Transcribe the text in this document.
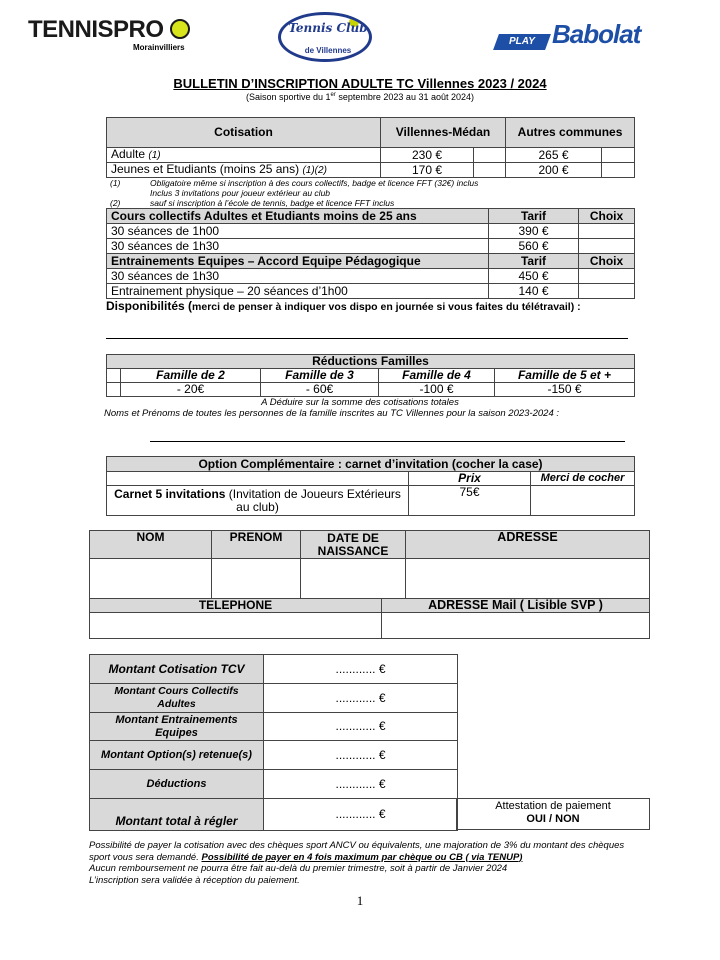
TENNISPRO
Morainvilliers
Tennis Club
de Villennes
PLAY Babolat
BULLETIN D’INSCRIPTION ADULTE TC Villennes 2023 / 2024
(Saison sportive du 1er septembre 2023 au 31 août 2024)
Cotisation	Villennes-Médan		Autres communes	
Adulte (1)	230 €		265 €	
Jeunes et Etudiants (moins 25 ans) (1)(2)	170 €		200 €	
(1)	Obligatoire même si inscription à des cours collectifs, badge et licence FFT (32€) inclus
Inclus 3 invitations pour joueur extérieur au club
(2)	sauf si inscription à l’école de tennis, badge et licence FFT inclus
Cours collectifs Adultes et Etudiants moins de 25 ans	Tarif	Choix
30 séances de 1h00	390 €	
30 séances de 1h30	560 €	
Entrainements Equipes – Accord Equipe Pédagogique	Tarif	Choix
30 séances de 1h30	450 €	
Entrainement physique – 20 séances d’1h00	140 €	
Disponibilités (merci de penser à indiquer vos dispo en journée si vous faites du télétravail) :
Réductions Familles				
	Famille de 2	Famille de 3	Famille de 4	Famille de 5 et +
	- 20€	- 60€	-100 €	-150 €
A Déduire sur la somme des cotisations totales
Noms et Prénoms de toutes les personnes de la famille inscrites au TC Villennes pour la saison 2023-2024 :
Option Complémentaire : carnet d’invitation (cocher la case)		
	Prix	Merci de cocher
Carnet 5 invitations (Invitation de Joueurs Extérieurs au club)	75€	
NOM	PRENOM	DATE DE NAISSANCE		ADRESSE

TELEPHONE			ADRESSE Mail ( Lisible SVP )	

Montant Cotisation TCV	............ €
Montant Cours Collectifs Adultes	............ €
Montant Entrainements Equipes	............ €
Montant Option(s) retenue(s)	............ €
Déductions	............ €
Montant total à régler	............ €
Attestation de paiement
OUI / NON
Possibilité de payer la cotisation avec des chèques sport ANCV ou équivalents, une majoration de 3% du montant des chèques sport vous sera demandé. Possibilité de payer en 4 fois maximum par chèque ou CB ( via TENUP)
Aucun remboursement ne pourra être fait au-delà du premier trimestre, soit à partir de Janvier 2024
L’inscription sera validée à réception du paiement.
1
